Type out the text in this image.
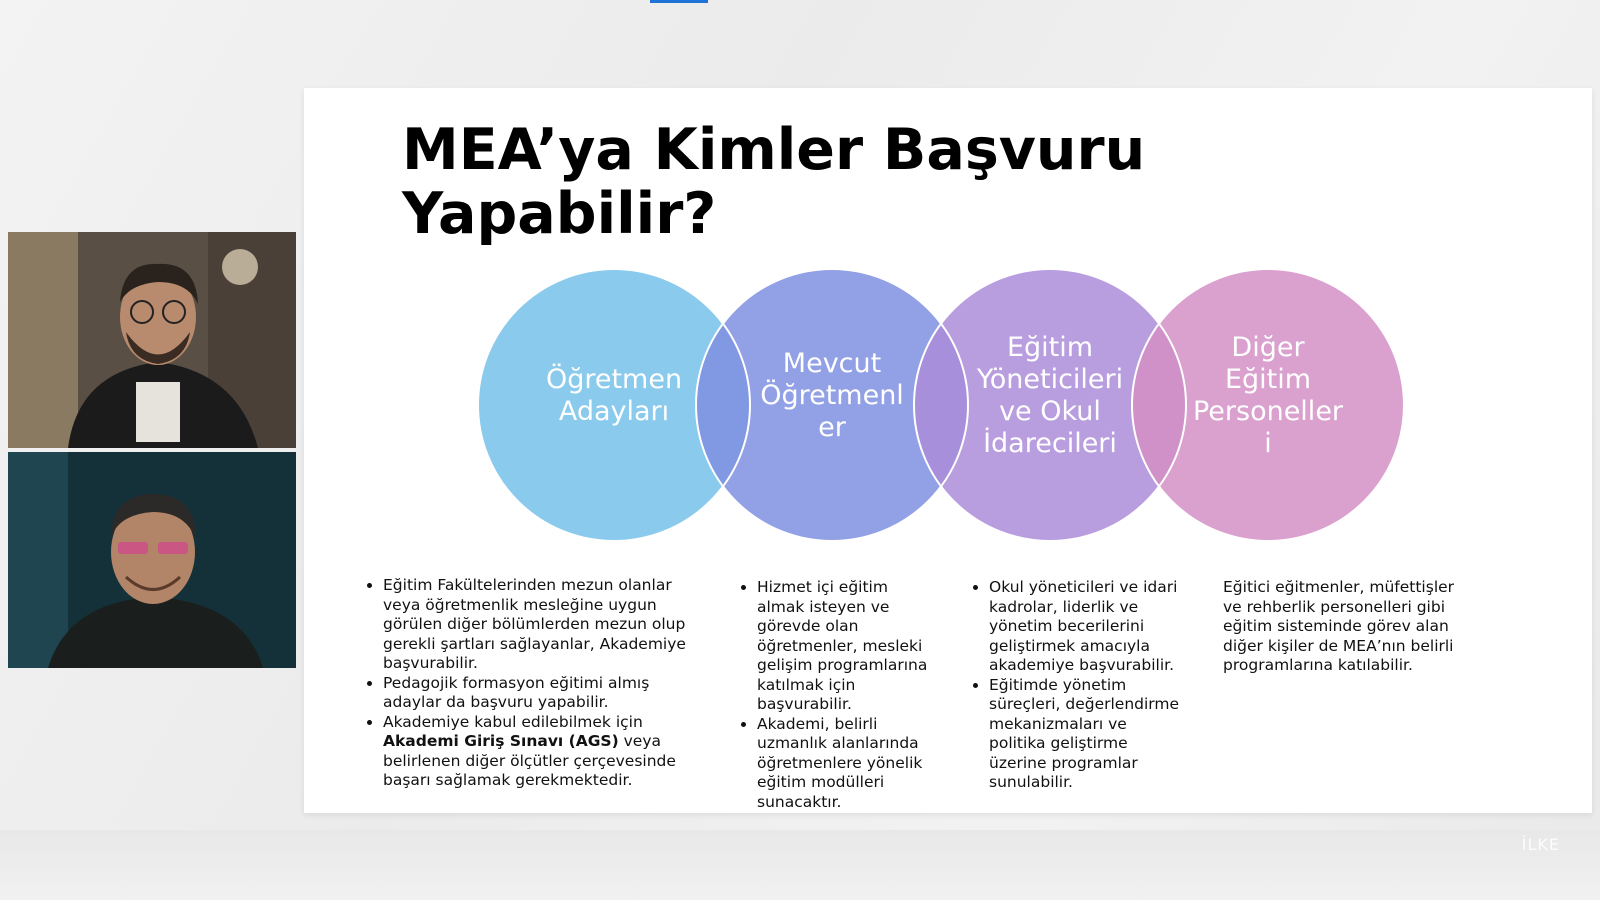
MEA’ya Kimler Başvuru Yapabilir?
Öğretmen
Adayları
Mevcut
Öğretmenl
er
Eğitim
Yöneticileri
ve Okul
İdarecileri
Diğer
Eğitim
Personeller
i
• Eğitim Fakültelerinden mezun olanlar veya öğretmenlik mesleğine uygun görülen diğer bölümlerden mezun olup gerekli şartları sağlayanlar, Akademiye başvurabilir.
• Pedagojik formasyon eğitimi almış adaylar da başvuru yapabilir.
• Akademiye kabul edilebilmek için Akademi Giriş Sınavı (AGS) veya belirlenen diğer ölçütler çerçevesinde başarı sağlamak gerekmektedir.
• Hizmet içi eğitim almak isteyen ve görevde olan öğretmenler, mesleki gelişim programlarına katılmak için başvurabilir.
• Akademi, belirli uzmanlık alanlarında öğretmenlere yönelik eğitim modülleri sunacaktır.
• Okul yöneticileri ve idari kadrolar, liderlik ve yönetim becerilerini geliştirmek amacıyla akademiye başvurabilir.
• Eğitimde yönetim süreçleri, değerlendirme mekanizmaları ve politika geliştirme üzerine programlar sunulabilir.

Eğitici eğitmenler, müfettişler ve rehberlik personelleri gibi eğitim sisteminde görev alan diğer kişiler de MEA’nın belirli programlarına katılabilir.

İLKE
